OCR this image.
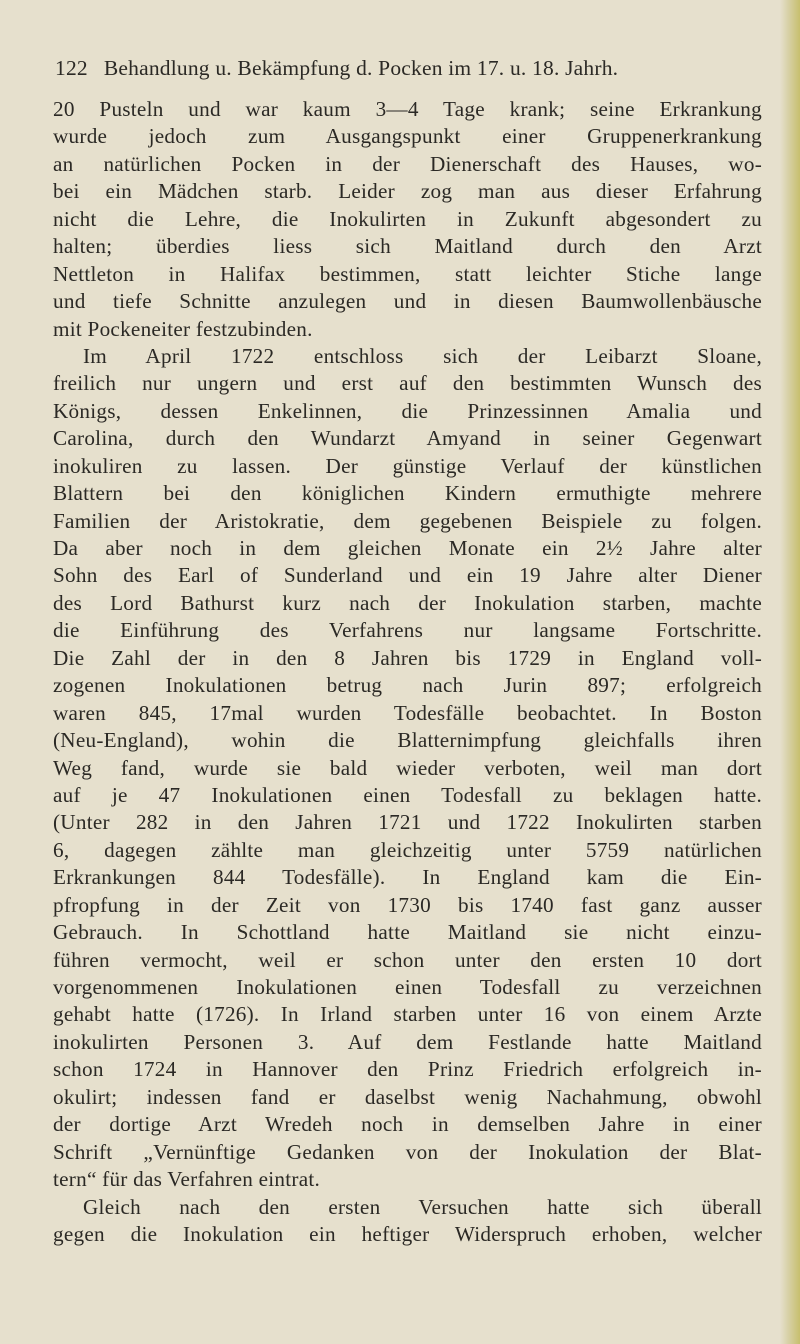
122 Behandlung u. Bekämpfung d. Pocken im 17. u. 18. Jahrh.
20 Pusteln und war kaum 3—4 Tage krank; seine Erkrankung
wurde jedoch zum Ausgangspunkt einer Gruppenerkrankung
an natürlichen Pocken in der Dienerschaft des Hauses, wo-
bei ein Mädchen starb. Leider zog man aus dieser Erfahrung
nicht die Lehre, die Inokulirten in Zukunft abgesondert zu
halten; überdies liess sich Maitland durch den Arzt
Nettleton in Halifax bestimmen, statt leichter Stiche lange
und tiefe Schnitte anzulegen und in diesen Baumwollenbäusche
mit Pockeneiter festzubinden.
Im April 1722 entschloss sich der Leibarzt Sloane,
freilich nur ungern und erst auf den bestimmten Wunsch des
Königs, dessen Enkelinnen, die Prinzessinnen Amalia und
Carolina, durch den Wundarzt Amyand in seiner Gegenwart
inokuliren zu lassen. Der günstige Verlauf der künstlichen
Blattern bei den königlichen Kindern ermuthigte mehrere
Familien der Aristokratie, dem gegebenen Beispiele zu folgen.
Da aber noch in dem gleichen Monate ein 2½ Jahre alter
Sohn des Earl of Sunderland und ein 19 Jahre alter Diener
des Lord Bathurst kurz nach der Inokulation starben, machte
die Einführung des Verfahrens nur langsame Fortschritte.
Die Zahl der in den 8 Jahren bis 1729 in England voll-
zogenen Inokulationen betrug nach Jurin 897; erfolgreich
waren 845, 17mal wurden Todesfälle beobachtet. In Boston
(Neu-England), wohin die Blatternimpfung gleichfalls ihren
Weg fand, wurde sie bald wieder verboten, weil man dort
auf je 47 Inokulationen einen Todesfall zu beklagen hatte.
(Unter 282 in den Jahren 1721 und 1722 Inokulirten starben
6, dagegen zählte man gleichzeitig unter 5759 natürlichen
Erkrankungen 844 Todesfälle). In England kam die Ein-
pfropfung in der Zeit von 1730 bis 1740 fast ganz ausser
Gebrauch. In Schottland hatte Maitland sie nicht einzu-
führen vermocht, weil er schon unter den ersten 10 dort
vorgenommenen Inokulationen einen Todesfall zu verzeichnen
gehabt hatte (1726). In Irland starben unter 16 von einem Arzte
inokulirten Personen 3. Auf dem Festlande hatte Maitland
schon 1724 in Hannover den Prinz Friedrich erfolgreich in-
okulirt; indessen fand er daselbst wenig Nachahmung, obwohl
der dortige Arzt Wredeh noch in demselben Jahre in einer
Schrift „Vernünftige Gedanken von der Inokulation der Blat-
tern“ für das Verfahren eintrat.
Gleich nach den ersten Versuchen hatte sich überall
gegen die Inokulation ein heftiger Widerspruch erhoben, welcher
